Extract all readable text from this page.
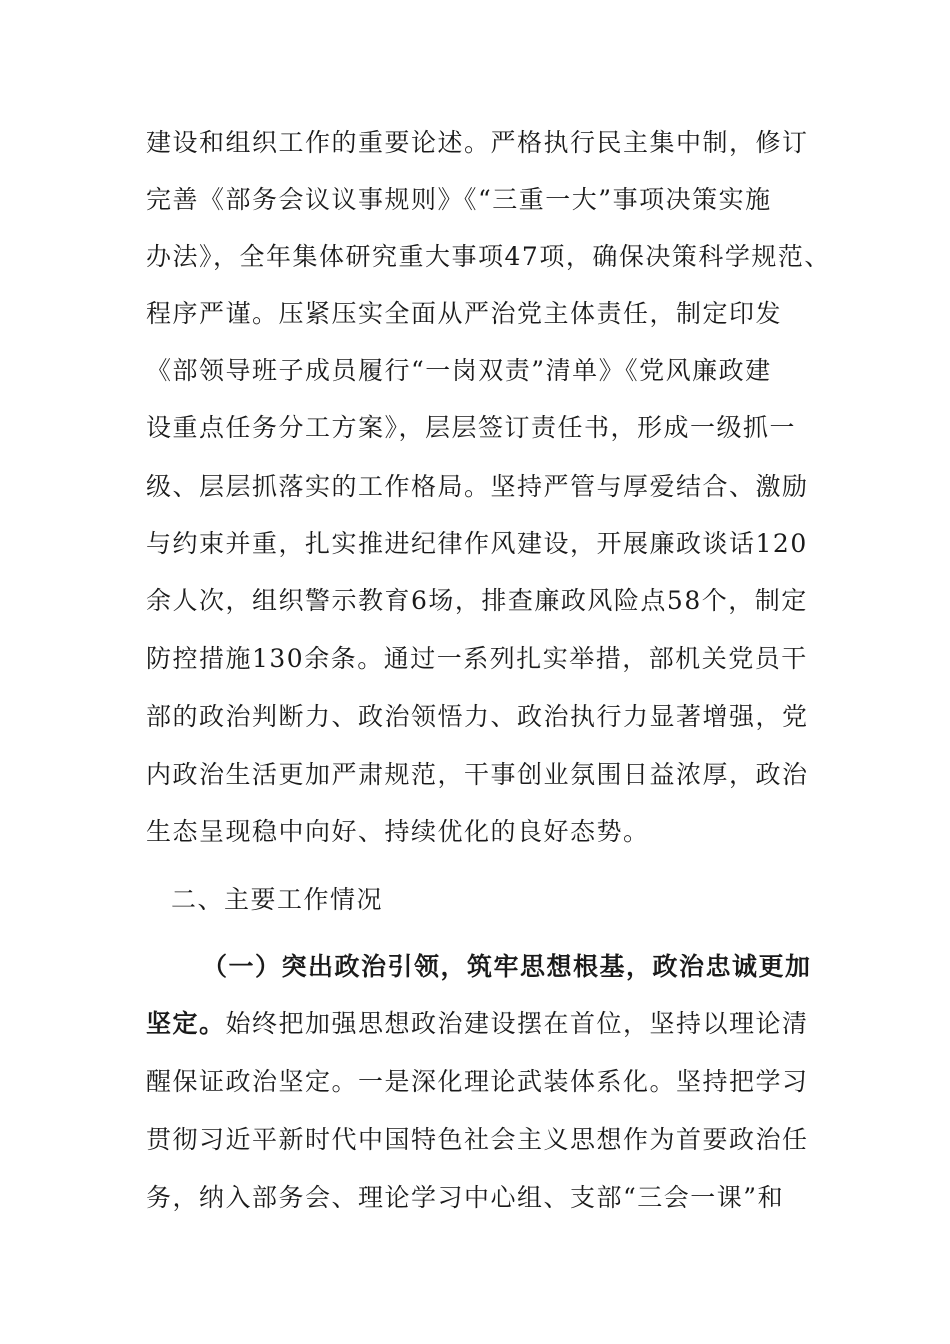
建设和组织工作的重要论述。严格执行民主集中制，修订
完善《部务会议议事规则》《“三重一大”事项决策实施
办法》，全年集体研究重大事项47项，确保决策科学规范、
程序严谨。压紧压实全面从严治党主体责任，制定印发
《部领导班子成员履行“一岗双责”清单》《党风廉政建
设重点任务分工方案》，层层签订责任书，形成一级抓一
级、层层抓落实的工作格局。坚持严管与厚爱结合、激励
与约束并重，扎实推进纪律作风建设，开展廉政谈话120
余人次，组织警示教育6场，排查廉政风险点58个，制定
防控措施130余条。通过一系列扎实举措，部机关党员干
部的政治判断力、政治领悟力、政治执行力显著增强，党
内政治生活更加严肃规范，干事创业氛围日益浓厚，政治
生态呈现稳中向好、持续优化的良好态势。
二、主要工作情况
（一）突出政治引领，筑牢思想根基，政治忠诚更加
坚定。始终把加强思想政治建设摆在首位，坚持以理论清
醒保证政治坚定。一是深化理论武装体系化。坚持把学习
贯彻习近平新时代中国特色社会主义思想作为首要政治任
务，纳入部务会、理论学习中心组、支部“三会一课”和
